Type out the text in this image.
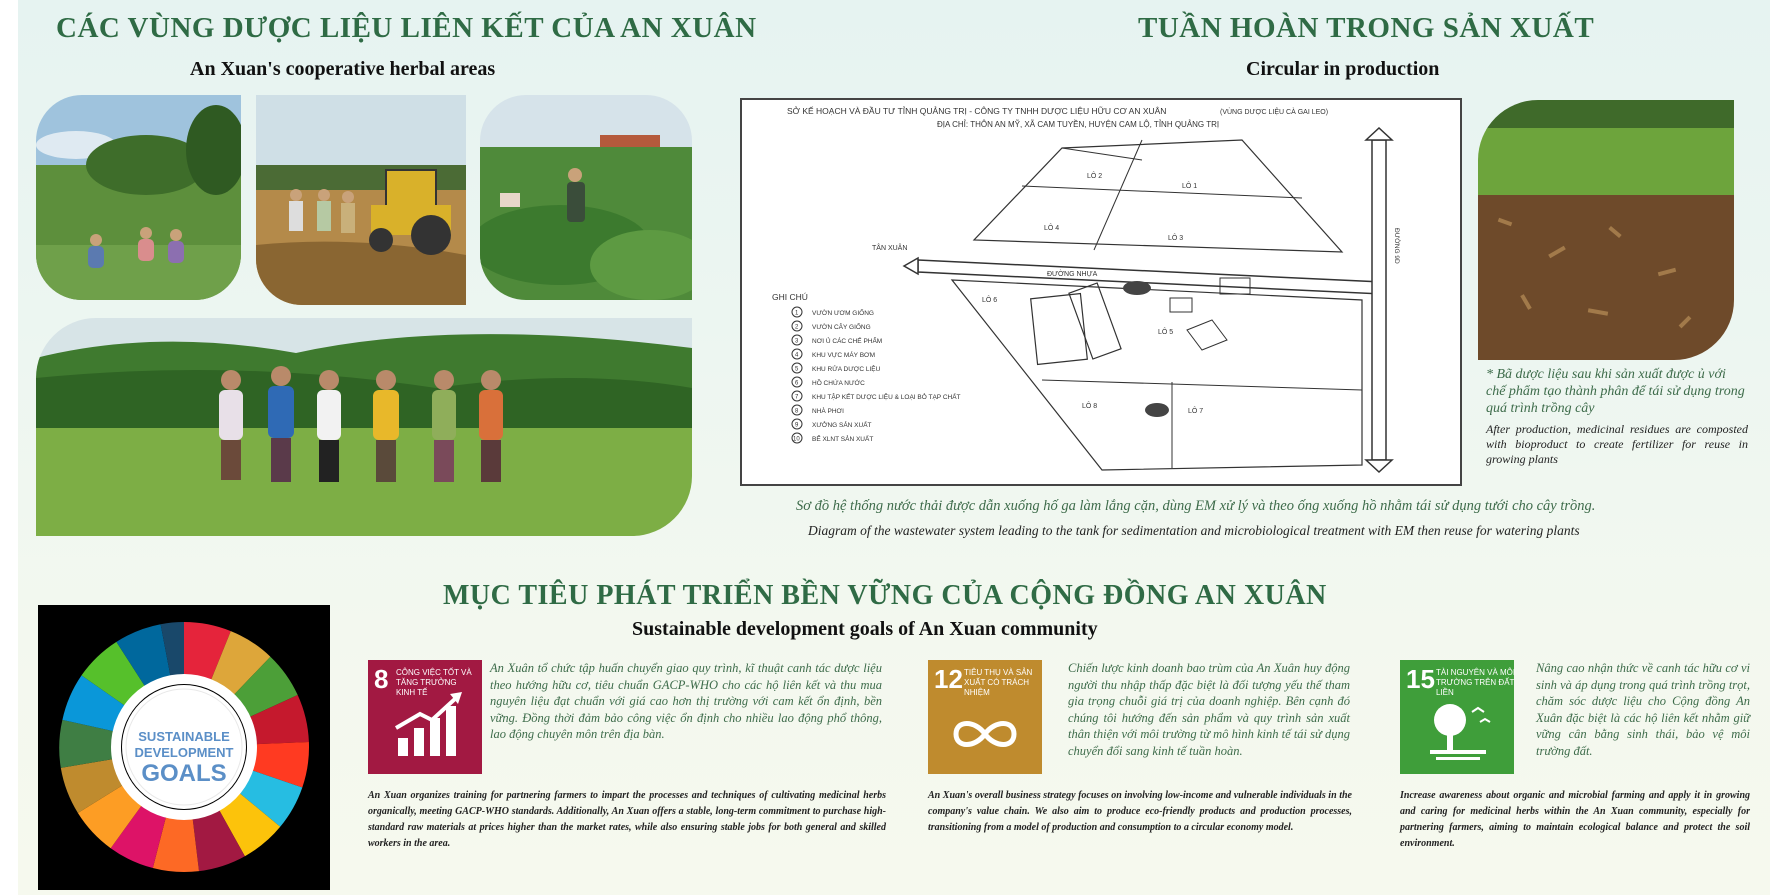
CÁC VÙNG DƯỢC LIỆU LIÊN KẾT CỦA AN XUÂN
An Xuan's cooperative herbal areas
TUẦN HOÀN TRONG SẢN XUẤT
Circular in production
SỞ KẾ HOẠCH VÀ ĐẦU TƯ TỈNH QUẢNG TRỊ - CÔNG TY TNHH DƯỢC LIỆU HỮU CƠ AN XUÂN	(VÙNG DƯỢC LIỆU CÀ GAI LEO)
ĐỊA CHỈ: THÔN AN MỸ, XÃ CAM TUYỀN, HUYỆN CAM LỘ, TỈNH QUẢNG TRỊ
TÂN XUÂN
ĐƯỜNG NHỰA
ĐƯỜNG 9D
LÔ 1
LÔ 2
LÔ 3
LÔ 4
LÔ 5
LÔ 6
LÔ 7
LÔ 8
GHI CHÚ
1 VƯỜN ƯƠM GIỐNG
2 VƯỜN CÂY GIỐNG
3 NƠI Ủ CÁC CHẾ PHẨM
4 KHU VỰC MÁY BƠM
5 KHU RỬA DƯỢC LIỆU
6 HỒ CHỨA NƯỚC
7 KHU TẬP KẾT DƯỢC LIỆU & LOẠI BỎ TẠP CHẤT
8 NHÀ PHƠI
9 XƯỞNG SẢN XUẤT
10 BỂ XLNT SẢN XUẤT
Sơ đồ hệ thống nước thải được dẫn xuống hố ga làm lắng cặn, dùng EM xử lý và theo ống xuống hồ nhằm tái sử dụng tưới cho cây trồng.
Diagram of the wastewater system leading to the tank for sedimentation and microbiological treatment with EM then reuse for watering plants
* Bã dược liệu sau khi sản xuất được ủ với chế phẩm tạo thành phân để tái sử dụng trong quá trình trồng cây
After production, medicinal residues are composted with bioproduct to create fertilizer for reuse in growing plants
MỤC TIÊU PHÁT TRIỂN BỀN VỮNG CỦA CỘNG ĐỒNG AN XUÂN
Sustainable development goals of An Xuan community
SUSTAINABLE
DEVELOPMENT
GOALS
8 CÔNG VIỆC TỐT VÀ TĂNG TRƯỞNG KINH TẾ
An Xuân tổ chức tập huấn chuyển giao quy trình, kĩ thuật canh tác dược liệu theo hướng hữu cơ, tiêu chuẩn GACP-WHO cho các hộ liên kết và thu mua nguyên liệu đạt chuẩn với giá cao hơn thị trường với cam kết ổn định, bền vững. Đồng thời đảm bảo công việc ổn định cho nhiều lao động phổ thông, lao động chuyên môn trên địa bàn.
An Xuan organizes training for partnering farmers to impart the processes and techniques of cultivating medicinal herbs organically, meeting GACP-WHO standards. Additionally, An Xuan offers a stable, long-term commitment to purchase high-standard raw materials at prices higher than the market rates, while also ensuring stable jobs for both general and skilled workers in the area.
12 TIÊU THỤ VÀ SẢN XUẤT CÓ TRÁCH NHIỆM
Chiến lược kinh doanh bao trùm của An Xuân huy động người thu nhập thấp đặc biệt là đối tượng yếu thế tham gia trọng chuỗi giá trị của doanh nghiệp. Bên cạnh đó chúng tôi hướng đến sản phẩm và quy trình sản xuất thân thiện với môi trường từ mô hình kinh tế tái sử dụng chuyển đổi sang kinh tế tuần hoàn.
An Xuan's overall business strategy focuses on involving low-income and vulnerable individuals in the company's value chain. We also aim to produce eco-friendly products and production processes, transitioning from a model of production and consumption to a circular economy model.
15 TÀI NGUYÊN VÀ MÔI TRƯỜNG TRÊN ĐẤT LIỀN
Nâng cao nhận thức về canh tác hữu cơ vi sinh và áp dụng trong quá trình trồng trọt, chăm sóc dược liệu cho Cộng đồng An Xuân đặc biệt là các hộ liên kết nhằm giữ vững cân bằng sinh thái, bảo vệ môi trường đất.
Increase awareness about organic and microbial farming and apply it in growing and caring for medicinal herbs within the An Xuan community, especially for partnering farmers, aiming to maintain ecological balance and protect the soil environment.
